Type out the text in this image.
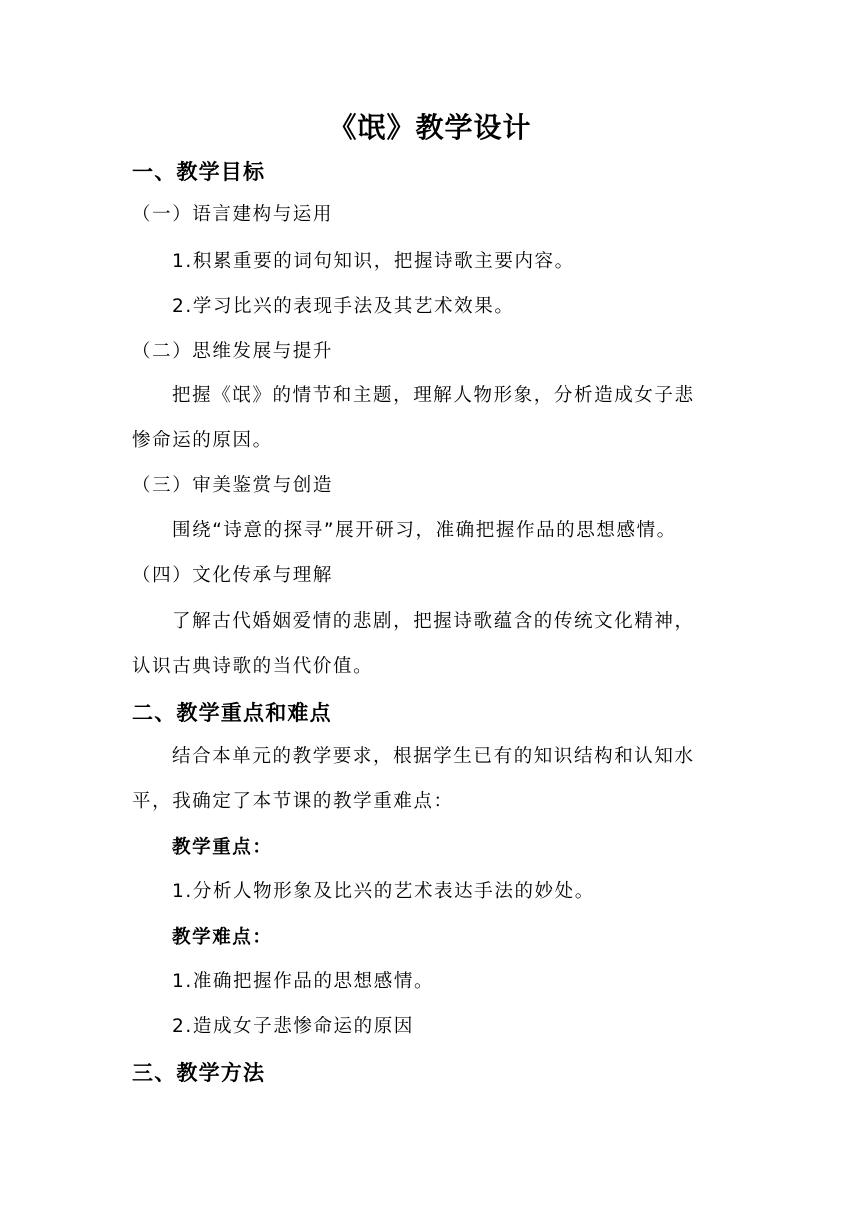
《氓》教学设计
一、教学目标
（一）语言建构与运用
1.积累重要的词句知识，把握诗歌主要内容。
2.学习比兴的表现手法及其艺术效果。
（二）思维发展与提升
把握《氓》的情节和主题，理解人物形象，分析造成女子悲
惨命运的原因。
（三）审美鉴赏与创造
围绕“诗意的探寻”展开研习，准确把握作品的思想感情。
（四）文化传承与理解
了解古代婚姻爱情的悲剧，把握诗歌蕴含的传统文化精神，
认识古典诗歌的当代价值。
二、教学重点和难点
结合本单元的教学要求，根据学生已有的知识结构和认知水
平，我确定了本节课的教学重难点：
教学重点：
1.分析人物形象及比兴的艺术表达手法的妙处。
教学难点：
1.准确把握作品的思想感情。
2.造成女子悲惨命运的原因
三、教学方法
